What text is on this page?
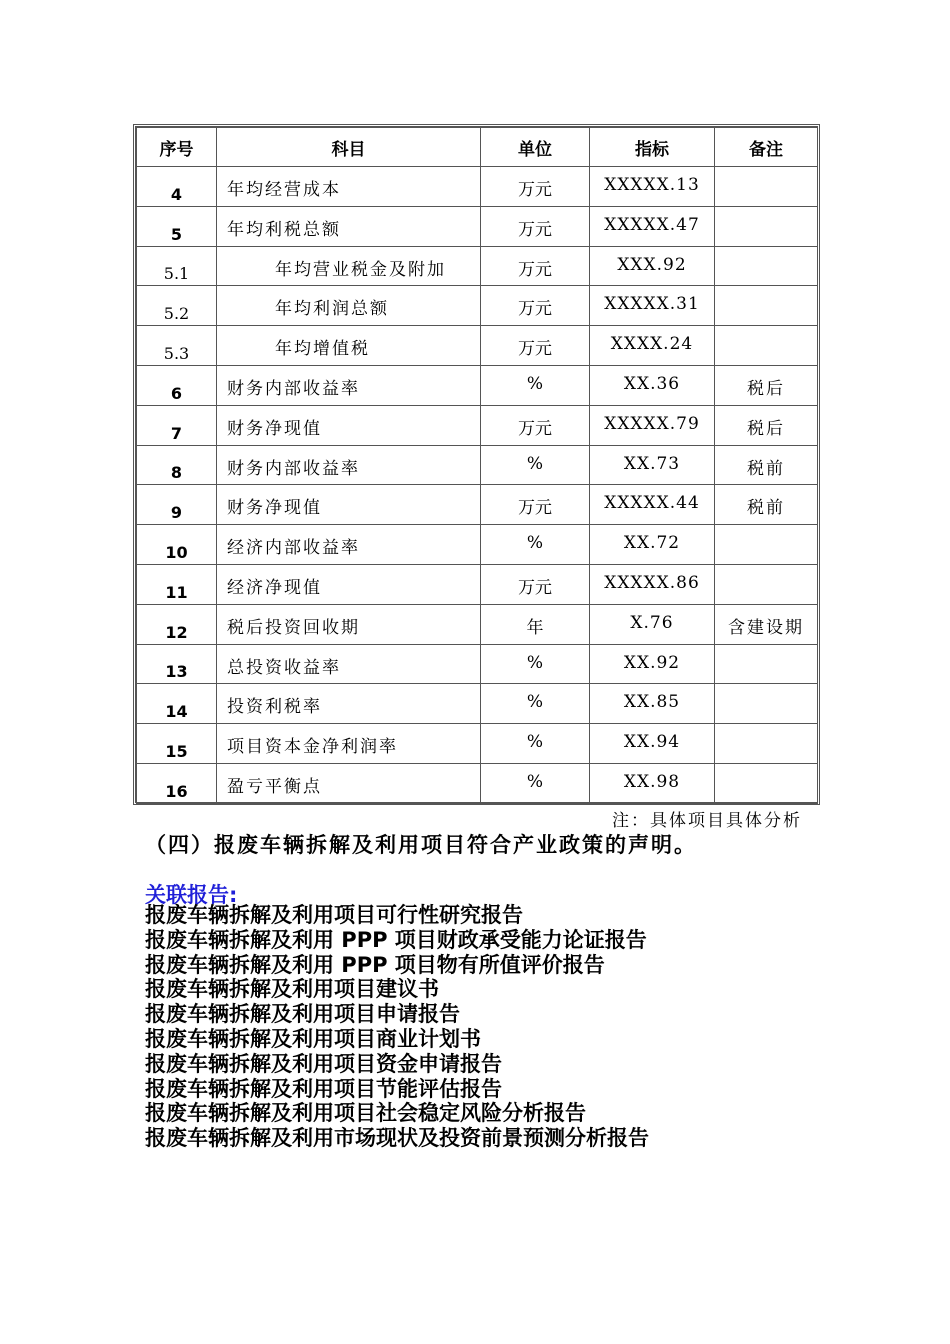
序号	科目	单位	指标	备注
4	年均经营成本	万元	XXXXX.13	
5	年均利税总额	万元	XXXXX.47	
5.1	年均营业税金及附加	万元	XXX.92	
5.2	年均利润总额	万元	XXXXX.31	
5.3	年均增值税	万元	XXXX.24	
6	财务内部收益率	%	XX.36	税后
7	财务净现值	万元	XXXXX.79	税后
8	财务内部收益率	%	XX.73	税前
9	财务净现值	万元	XXXXX.44	税前
10	经济内部收益率	%	XX.72	
11	经济净现值	万元	XXXXX.86	
12	税后投资回收期	年	X.76	含建设期
13	总投资收益率	%	XX.92	
14	投资利税率	%	XX.85	
15	项目资本金净利润率	%	XX.94	
16	盈亏平衡点	%	XX.98	
注：具体项目具体分析
（四）报废车辆拆解及利用项目符合产业政策的声明。
关联报告:
报废车辆拆解及利用项目可行性研究报告
报废车辆拆解及利用 PPP 项目财政承受能力论证报告
报废车辆拆解及利用 PPP 项目物有所值评价报告
报废车辆拆解及利用项目建议书
报废车辆拆解及利用项目申请报告
报废车辆拆解及利用项目商业计划书
报废车辆拆解及利用项目资金申请报告
报废车辆拆解及利用项目节能评估报告
报废车辆拆解及利用项目社会稳定风险分析报告
报废车辆拆解及利用市场现状及投资前景预测分析报告
